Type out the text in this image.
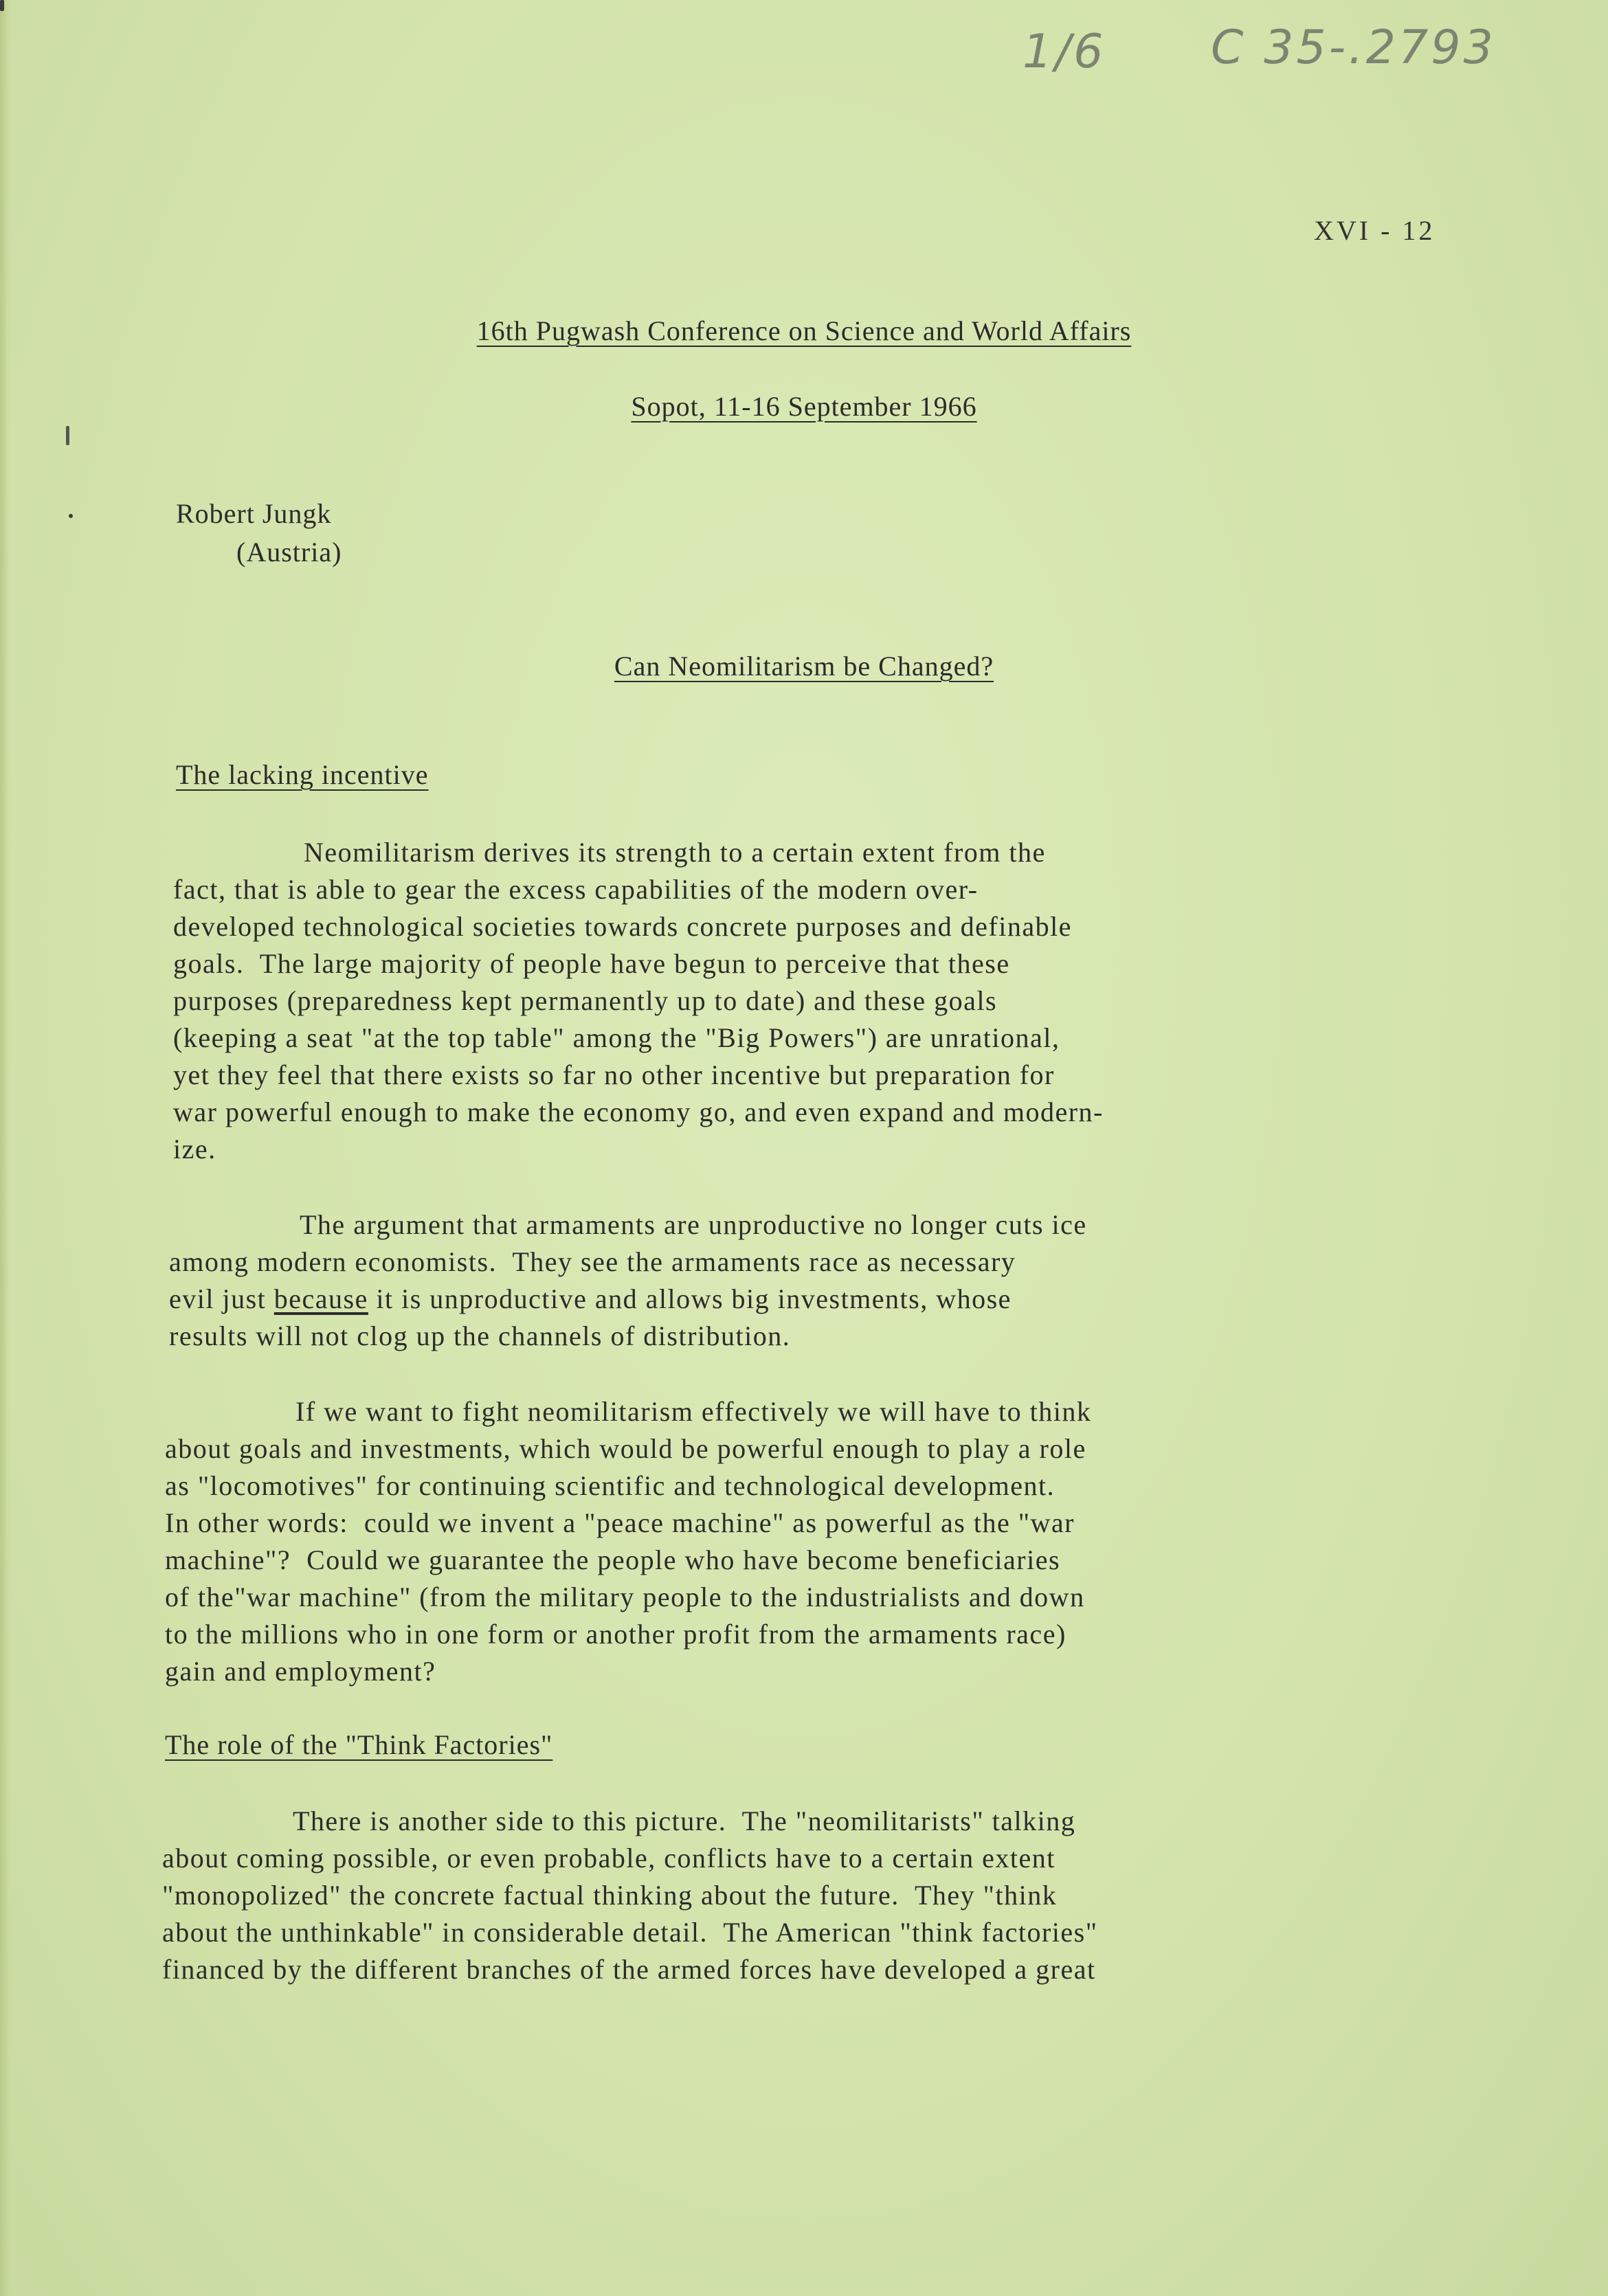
1/6 C 35-.2793
XVI - 12
16th Pugwash Conference on Science and World Affairs
Sopot, 11-16 September 1966
Robert Jungk
(Austria)
Can Neomilitarism be Changed?
The lacking incentive
Neomilitarism derives its strength to a certain extent from the
fact, that is able to gear the excess capabilities of the modern over-
developed technological societies towards concrete purposes and definable
goals.  The large majority of people have begun to perceive that these
purposes (preparedness kept permanently up to date) and these goals
(keeping a seat "at the top table" among the "Big Powers") are unrational,
yet they feel that there exists so far no other incentive but preparation for
war powerful enough to make the economy go, and even expand and modern-
ize.
The argument that armaments are unproductive no longer cuts ice
among modern economists.  They see the armaments race as necessary
evil just because it is unproductive and allows big investments, whose
results will not clog up the channels of distribution.
If we want to fight neomilitarism effectively we will have to think
about goals and investments, which would be powerful enough to play a role
as "locomotives" for continuing scientific and technological development.
In other words:  could we invent a "peace machine" as powerful as the "war
machine"?  Could we guarantee the people who have become beneficiaries
of the"war machine" (from the military people to the industrialists and down
to the millions who in one form or another profit from the armaments race)
gain and employment?
The role of the "Think Factories"
There is another side to this picture.  The "neomilitarists" talking
about coming possible, or even probable, conflicts have to a certain extent
"monopolized" the concrete factual thinking about the future.  They "think
about the unthinkable" in considerable detail.  The American "think factories"
financed by the different branches of the armed forces have developed a great
